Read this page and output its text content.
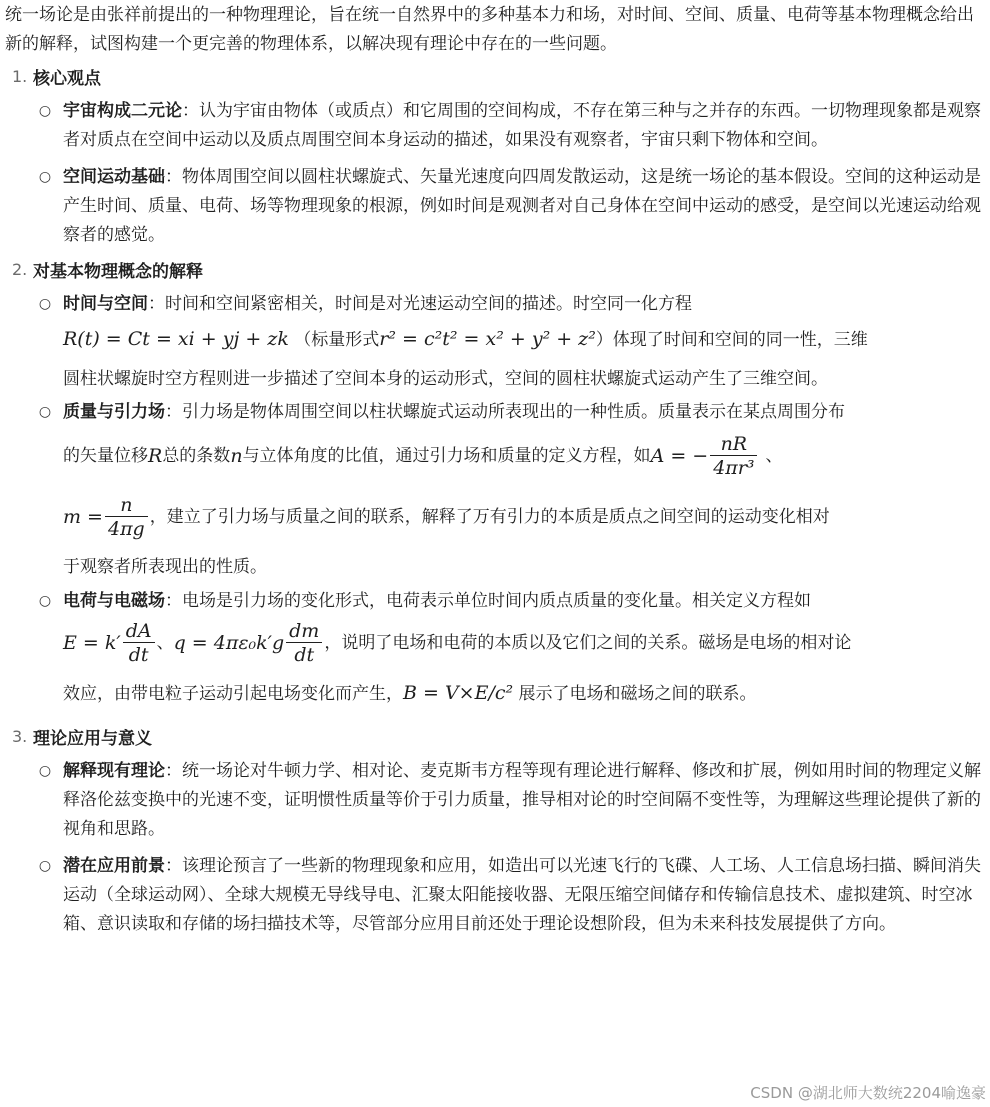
统一场论是由张祥前提出的一种物理理论，旨在统一自然界中的多种基本力和场，对时间、空间、质量、电荷等基本物理概念给出新的解释，试图构建一个更完善的物理体系，以解决现有理论中存在的一些问题。

1. 核心观点
○ 宇宙构成二元论：认为宇宙由物体（或质点）和它周围的空间构成，不存在第三种与之并存的东西。一切物理现象都是观察者对质点在空间中运动以及质点周围空间本身运动的描述，如果没有观察者，宇宙只剩下物体和空间。
○ 空间运动基础：物体周围空间以圆柱状螺旋式、矢量光速度向四周发散运动，这是统一场论的基本假设。空间的这种运动是产生时间、质量、电荷、场等物理现象的根源，例如时间是观测者对自己身体在空间中运动的感受，是空间以光速运动给观察者的感觉。
2. 对基本物理概念的解释
○ 时间与空间：时间和空间紧密相关，时间是对光速运动空间的描述。时空同一化方程
R(t) = Ct = xi + yj + zk （标量形式r² = c²t² = x² + y² + z²）体现了时间和空间的同一性，三维
圆柱状螺旋时空方程则进一步描述了空间本身的运动形式，空间的圆柱状螺旋式运动产生了三维空间。
○ 质量与引力场：引力场是物体周围空间以柱状螺旋式运动所表现出的一种性质。质量表示在某点周围分布
的矢量位移 R 总的条数 n 与立体角度的比值，通过引力场和质量的定义方程，如 A = − $\frac{nR}{\text{4πr³}}$ 、
$m = \frac{n}{4\pi g}$ ，建立了引力场与质量之间的联系，解释了万有引力的本质是质点之间空间的运动变化相对
于观察者所表现出的性质。
○ 电荷与电磁场：电场是引力场的变化形式，电荷表示单位时间内质点质量的变化量。相关定义方程如
$E = k' \frac{dA}{dt}$ 、 $q = 4\pi\varepsilon_0k'g \frac{dm}{dt}$ ，说明了电场和电荷的本质以及它们之间的关系。磁场是电场的相对论
效应，由带电粒子运动引起电场变化而产生，B = V×E/c² 展示了电场和磁场之间的联系。
3. 理论应用与意义
○ 解释现有理论：统一场论对牛顿力学、相对论、麦克斯韦方程等现有理论进行解释、修改和扩展，例如用时间的物理定义解释洛伦兹变换中的光速不变，证明惯性质量等价于引力质量，推导相对论的时空间隔不变性等，为理解这些理论提供了新的视角和思路。
○ 潜在应用前景：该理论预言了一些新的物理现象和应用，如造出可以光速飞行的飞碟、人工场、人工信息场扫描、瞬间消失运动（全球运动网）、全球大规模无导线导电、汇聚太阳能接收器、无限压缩空间储存和传输信息技术、虚拟建筑、时空冰箱、意识读取和存储的场扫描技术等，尽管部分应用目前还处于理论设想阶段，但为未来科技发展提供了方向。
CSDN @湖北师大数统2204喻逸豪
